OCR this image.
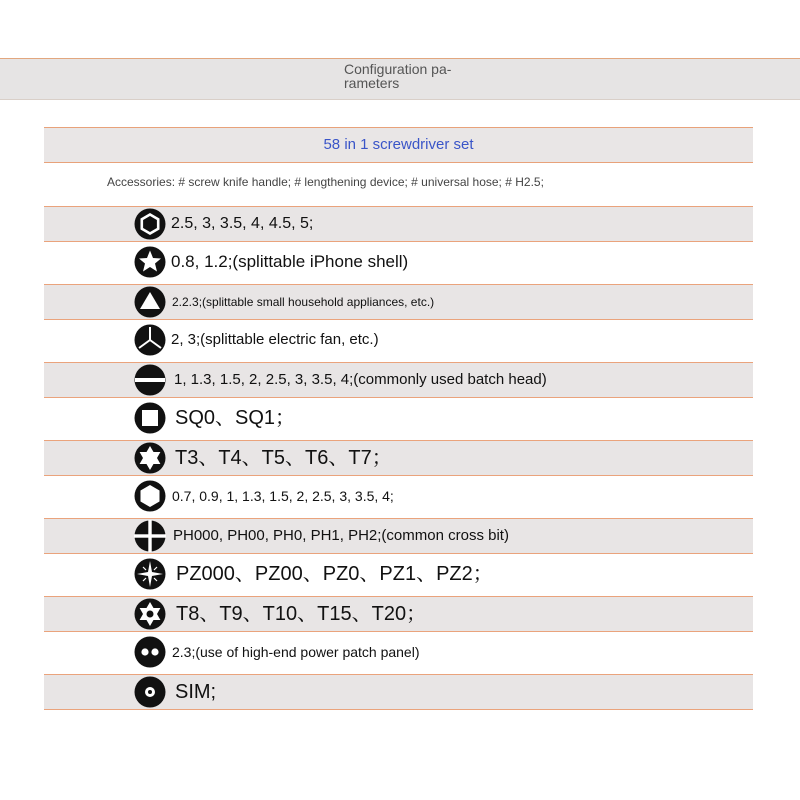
Configuration pa-
rameters
58 in 1 screwdriver set
Accessories: # screw knife handle; # lengthening device; # universal hose; # H2.5;
2.5, 3, 3.5, 4, 4.5, 5;
0.8, 1.2;(splittable iPhone shell)
2.2.3;(splittable small household appliances, etc.)
2, 3;(splittable electric fan, etc.)
1, 1.3, 1.5, 2, 2.5, 3, 3.5, 4;(commonly used batch head)
SQ0、SQ1；
T3、T4、T5、T6、T7；
0.7, 0.9, 1, 1.3, 1.5, 2, 2.5, 3, 3.5, 4;
PH000, PH00, PH0, PH1, PH2;(common cross bit)
PZ000、PZ00、PZ0、PZ1、PZ2；
T8、T9、T10、T15、T20；
2.3;(use of high-end power patch panel)
SIM;
